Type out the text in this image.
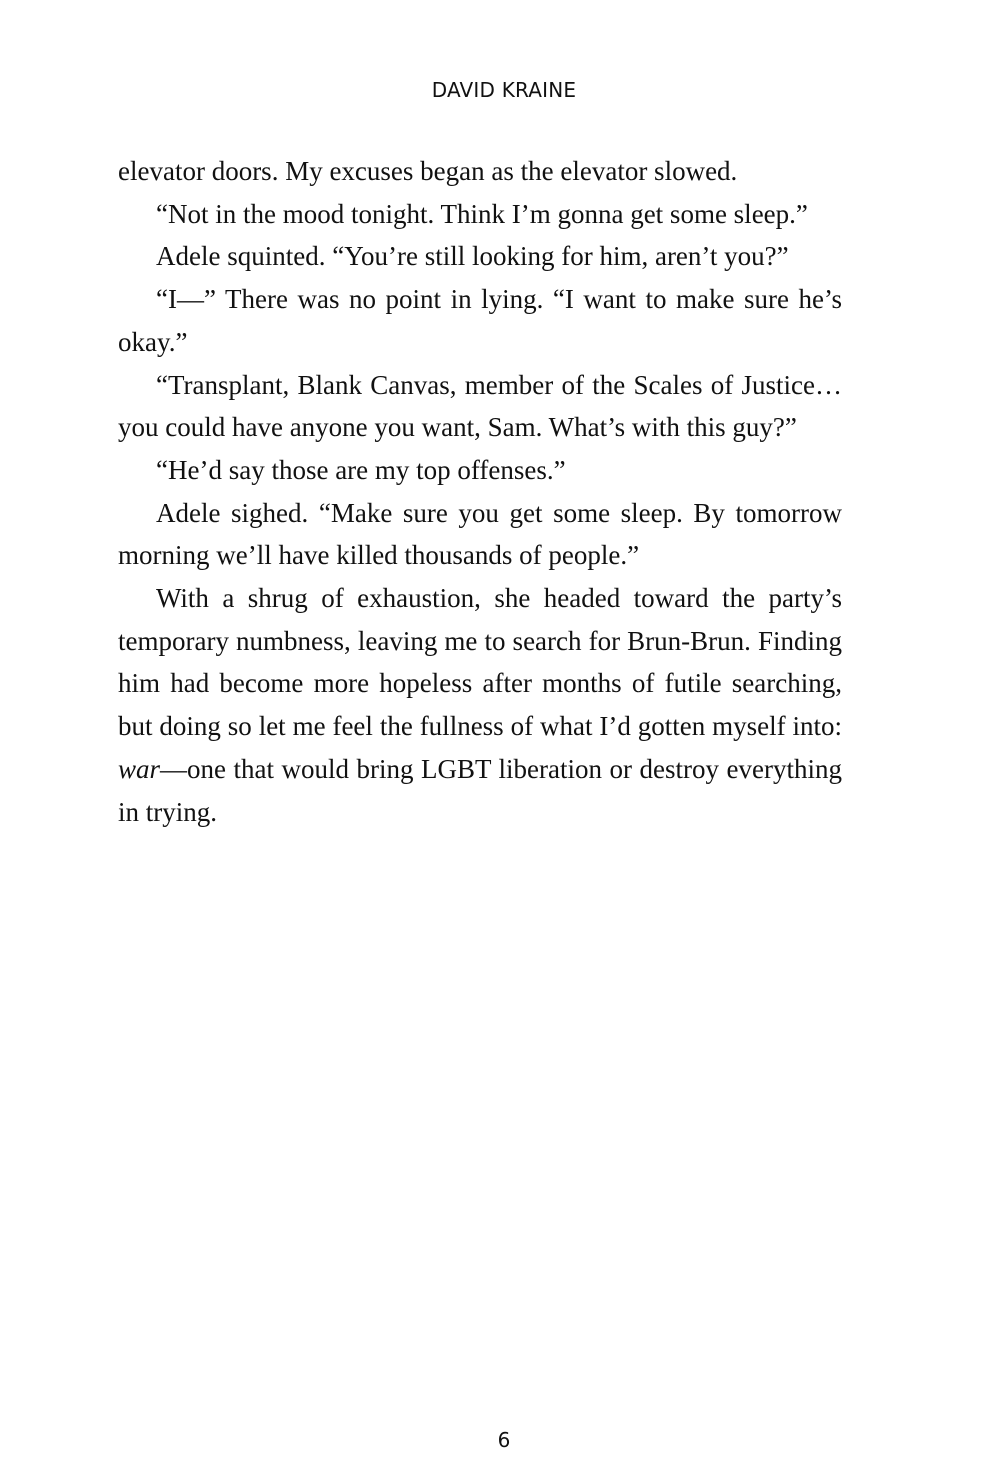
DAVID KRAINE

elevator doors. My excuses began as the elevator slowed.

“Not in the mood tonight. Think I’m gonna get some sleep.”

Adele squinted. “You’re still looking for him, aren’t you?”

“I—” There was no point in lying. “I want to make sure he’s okay.”

“Transplant, Blank Canvas, member of the Scales of Justice… you could have anyone you want, Sam. What’s with this guy?”

“He’d say those are my top offenses.”

Adele sighed. “Make sure you get some sleep. By tomorrow morning we’ll have killed thousands of people.”

With a shrug of exhaustion, she headed toward the party’s temporary numbness, leaving me to search for Brun-Brun. Finding him had become more hopeless after months of futile searching, but doing so let me feel the fullness of what I’d gotten myself into: war—one that would bring LGBT liberation or destroy everything in trying.

6
